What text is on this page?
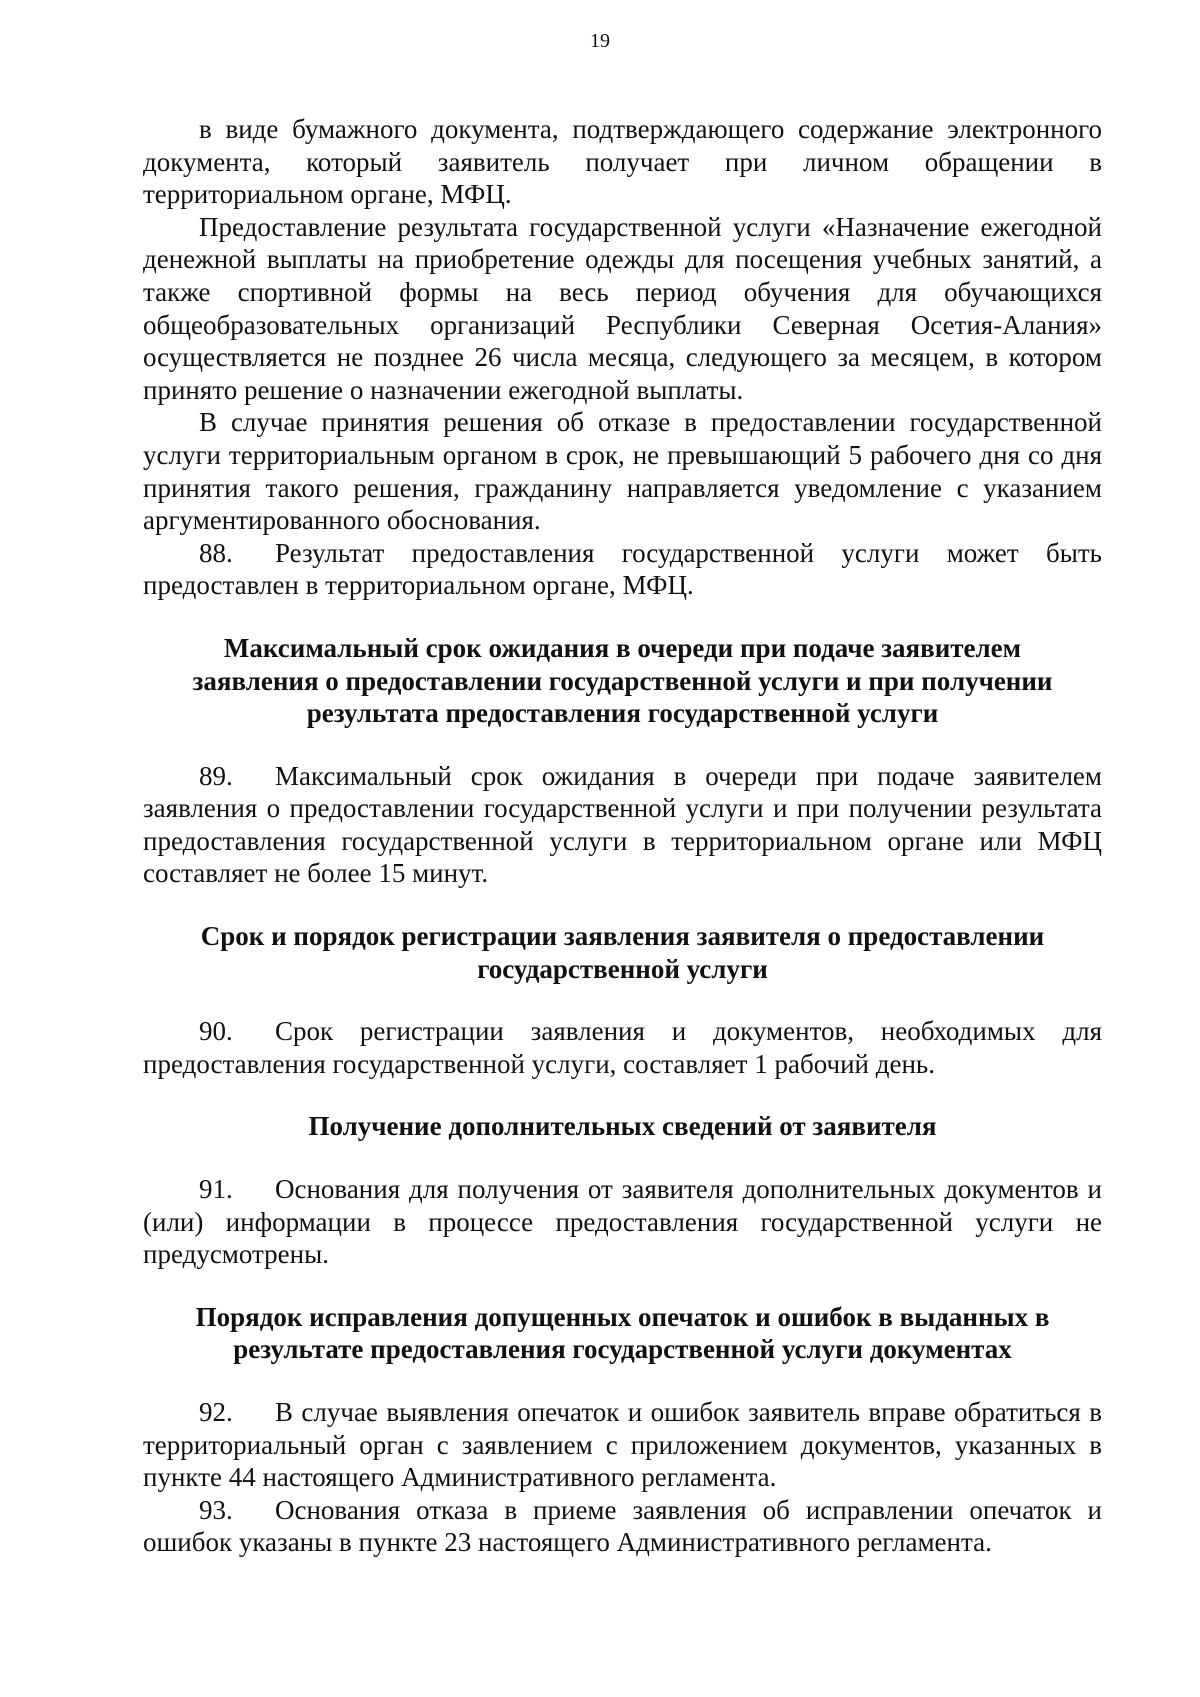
19

в виде бумажного документа, подтверждающего содержание электронного документа, который заявитель получает при личном обращении в территориальном органе, МФЦ.

Предоставление результата государственной услуги «Назначение ежегодной денежной выплаты на приобретение одежды для посещения учебных занятий, а также спортивной формы на весь период обучения для обучающихся общеобразовательных организаций Республики Северная Осетия-Алания» осуществляется не позднее 26 числа месяца, следующего за месяцем, в котором принято решение о назначении ежегодной выплаты.

В случае принятия решения об отказе в предоставлении государственной услуги территориальным органом в срок, не превышающий 5 рабочего дня со дня принятия такого решения, гражданину направляется уведомление с указанием аргументированного обоснования.

88. Результат предоставления государственной услуги может быть предоставлен в территориальном органе, МФЦ.

Максимальный срок ожидания в очереди при подаче заявителем
заявления о предоставлении государственной услуги и при получении
результата предоставления государственной услуги

89. Максимальный срок ожидания в очереди при подаче заявителем заявления о предоставлении государственной услуги и при получении результата предоставления государственной услуги в территориальном органе или МФЦ составляет не более 15 минут.

Срок и порядок регистрации заявления заявителя о предоставлении
государственной услуги

90. Срок регистрации заявления и документов, необходимых для предоставления государственной услуги, составляет 1 рабочий день.

Получение дополнительных сведений от заявителя

91. Основания для получения от заявителя дополнительных документов и (или) информации в процессе предоставления государственной услуги не предусмотрены.

Порядок исправления допущенных опечаток и ошибок в выданных в
результате предоставления государственной услуги документах

92. В случае выявления опечаток и ошибок заявитель вправе обратиться в территориальный орган с заявлением с приложением документов, указанных в пункте 44 настоящего Административного регламента.

93. Основания отказа в приеме заявления об исправлении опечаток и ошибок указаны в пункте 23 настоящего Административного регламента.
